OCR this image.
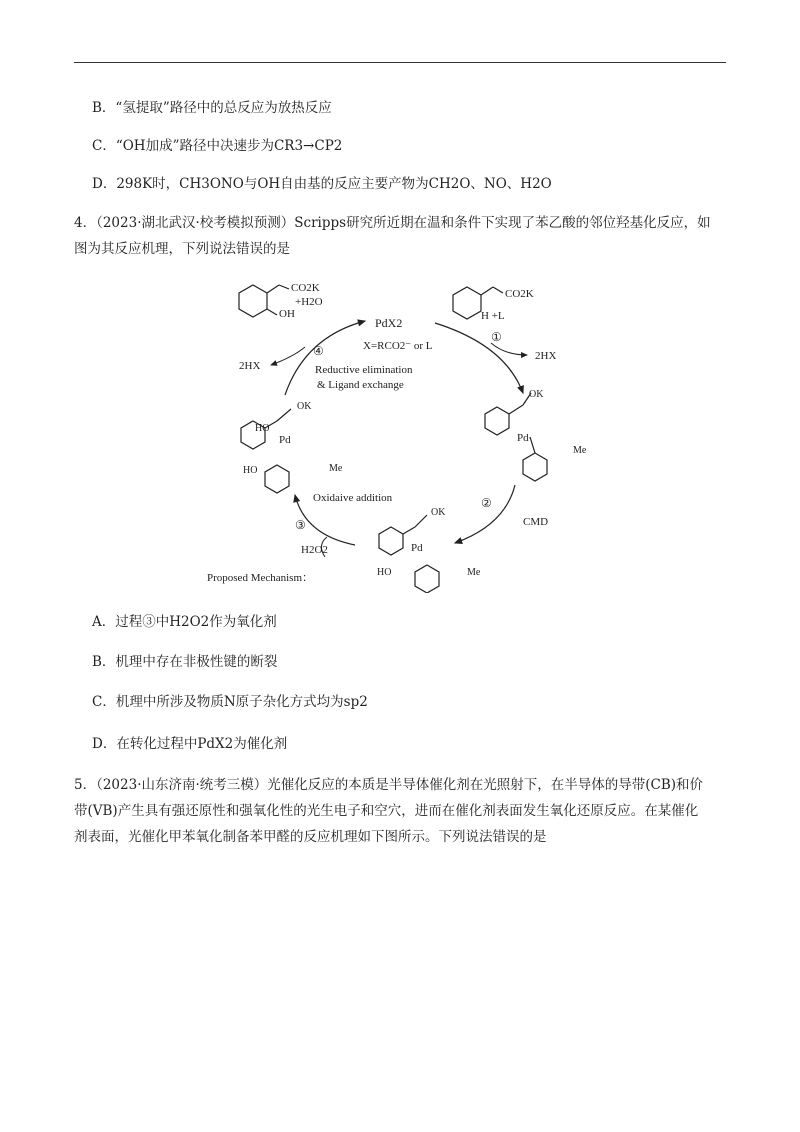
B．“氢提取”路径中的总反应为放热反应
C．“OH加成”路径中决速步为CR3→CP2
D．298K时，CH3ONO与OH自由基的反应主要产物为CH2O、NO、H2O

4．（2023·湖北武汉·校考模拟预测）Scripps研究所近期在温和条件下实现了苯乙酸的邻位羟基化反应，如

图为其反应机理，下列说法错误的是

CO2K
+H2O
OH
CO2K
H +L
PdX2
X=RCO2⁻ or L
Reductive elimination
& Ligand exchange
2HX
2HX
④
①
②
CMD
③
Oxidaive addition
H2O2
Proposed Mechanism：
OK
Pd
Me
OK
Pd
HO	Me
OK
Pd
HO
HO	Me
A．过程③中H2O2作为氧化剂
B．机理中存在非极性键的断裂
C．机理中所涉及物质N原子杂化方式均为sp2
D．在转化过程中PdX2为催化剂

5．（2023·山东济南·统考三模）光催化反应的本质是半导体催化剂在光照射下，在半导体的导带(CB)和价

带(VB)产生具有强还原性和强氧化性的光生电子和空穴，进而在催化剂表面发生氧化还原反应。在某催化

剂表面，光催化甲苯氧化制备苯甲醛的反应机理如下图所示。下列说法错误的是
